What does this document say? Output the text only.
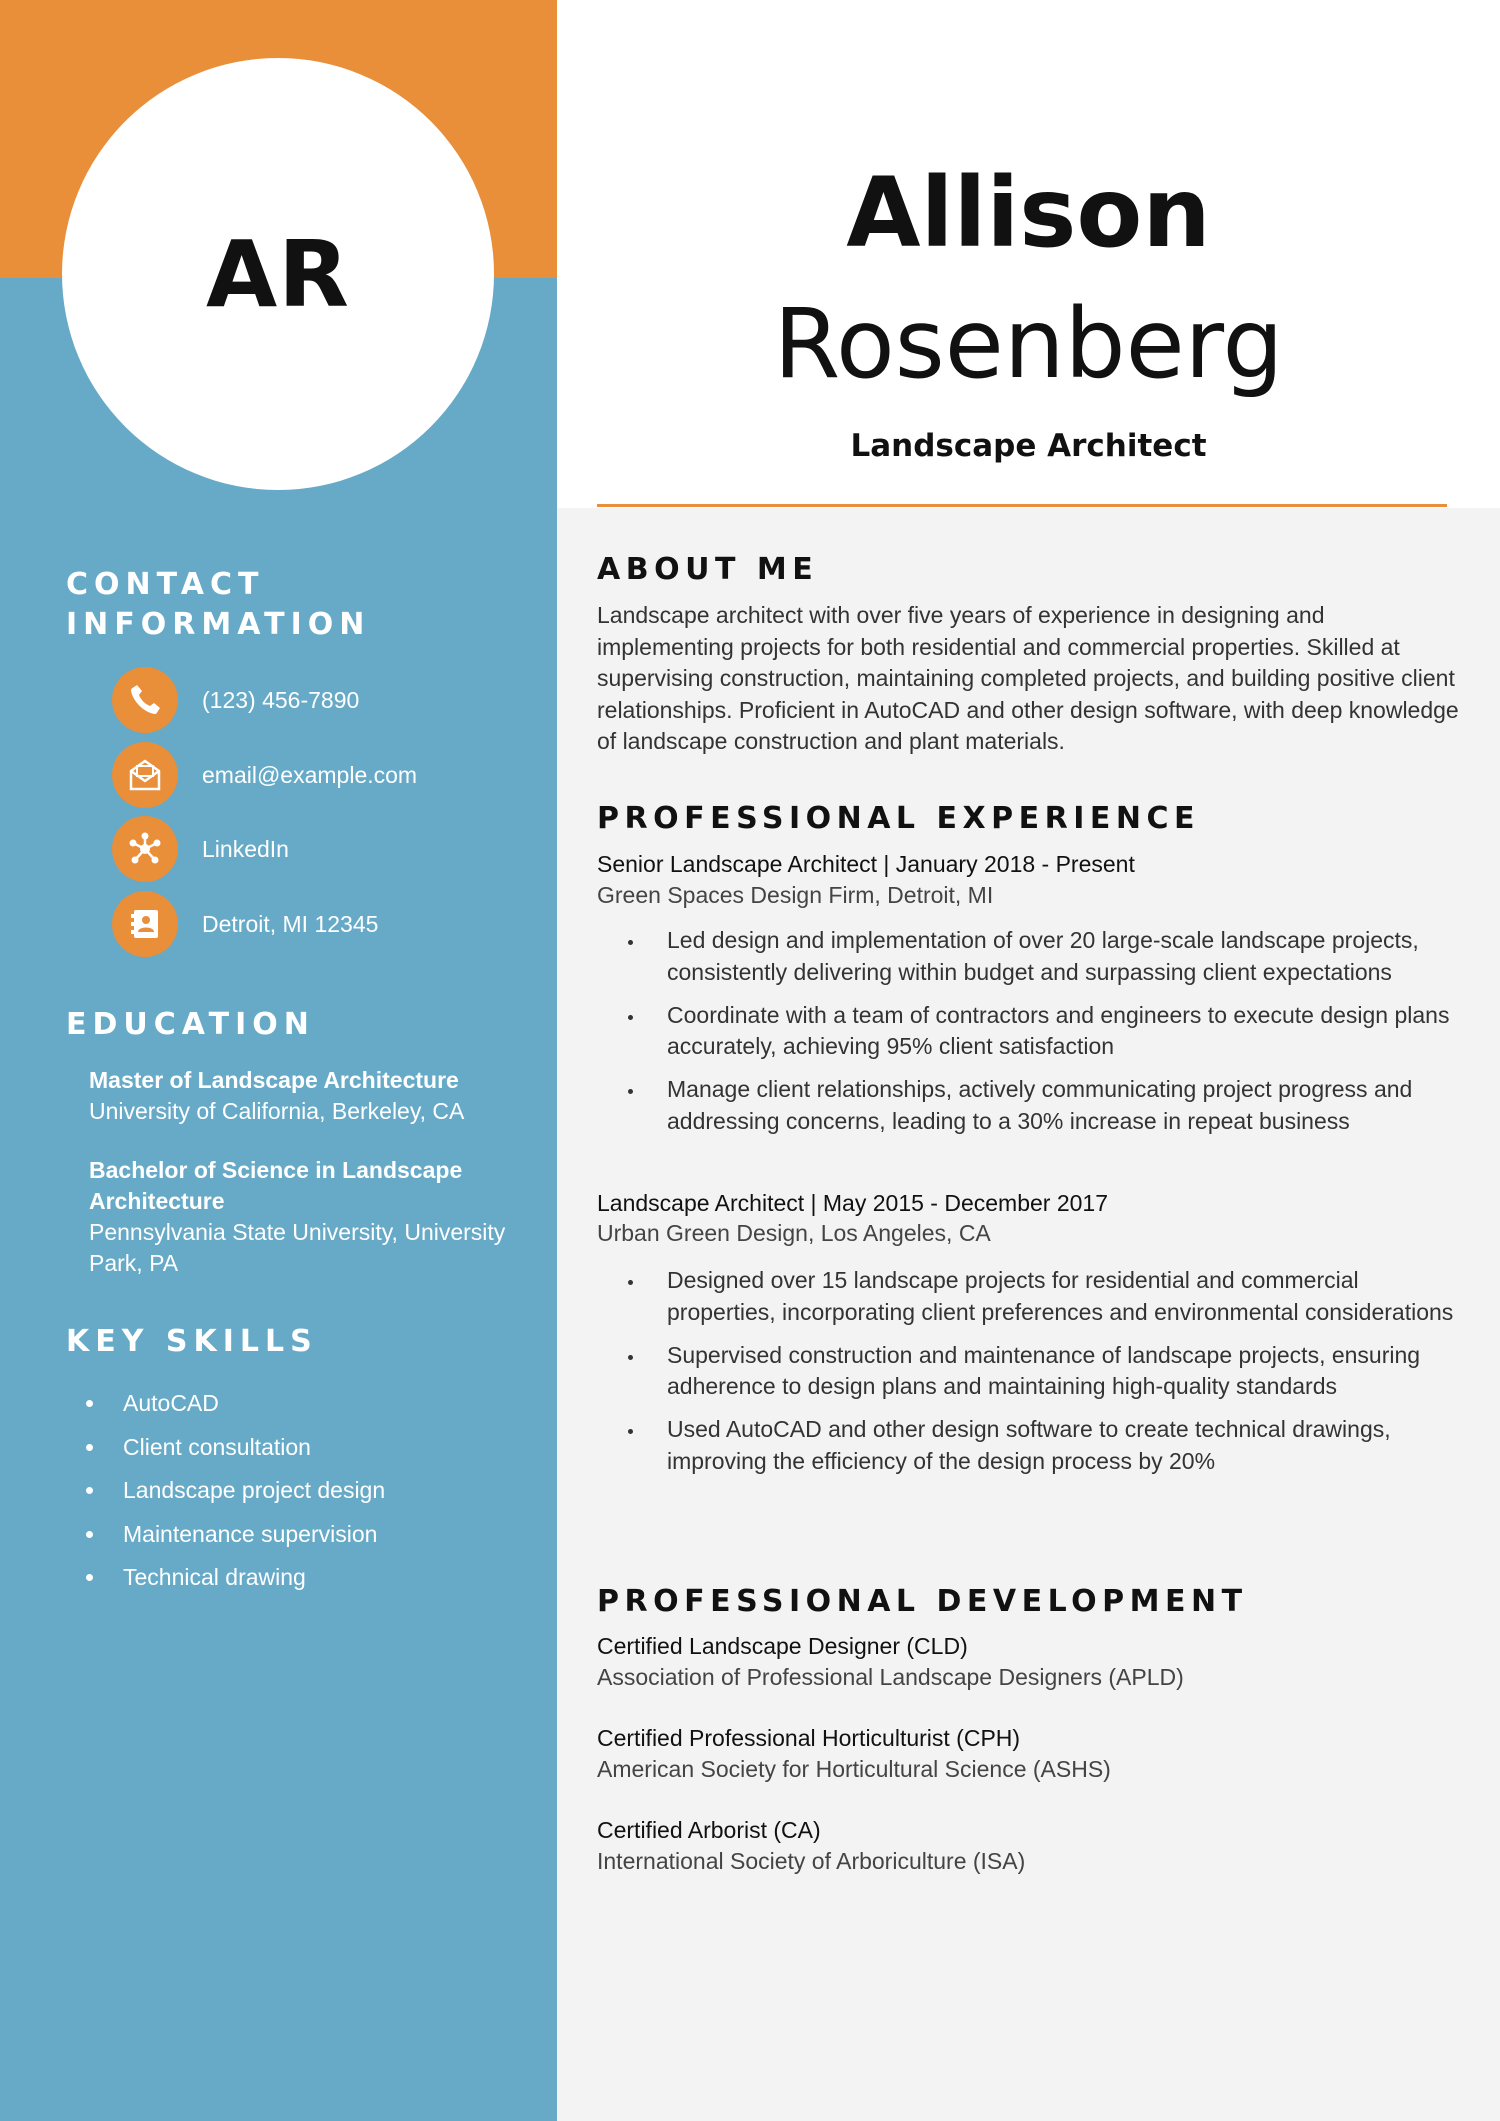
AR
CONTACT
INFORMATION
(123) 456-7890
email@example.com
LinkedIn
Detroit, MI 12345
EDUCATION
Master of Landscape Architecture
University of California, Berkeley, CA
Bachelor of Science in Landscape Architecture
Pennsylvania State University, University Park, PA
KEY SKILLS
AutoCAD
Client consultation
Landscape project design
Maintenance supervision
Technical drawing
Allison
Rosenberg
Landscape Architect
ABOUT ME
Landscape architect with over five years of experience in designing and implementing projects for both residential and commercial properties. Skilled at supervising construction, maintaining completed projects, and building positive client relationships. Proficient in AutoCAD and other design software, with deep knowledge of landscape construction and plant materials.
PROFESSIONAL EXPERIENCE
Senior Landscape Architect | January 2018 - Present
Green Spaces Design Firm, Detroit, MI
Led design and implementation of over 20 large-scale landscape projects, consistently delivering within budget and surpassing client expectations
Coordinate with a team of contractors and engineers to execute design plans accurately, achieving 95% client satisfaction
Manage client relationships, actively communicating project progress and addressing concerns, leading to a 30% increase in repeat business
Landscape Architect | May 2015 - December 2017
Urban Green Design, Los Angeles, CA
Designed over 15 landscape projects for residential and commercial properties, incorporating client preferences and environmental considerations
Supervised construction and maintenance of landscape projects, ensuring adherence to design plans and maintaining high-quality standards
Used AutoCAD and other design software to create technical drawings, improving the efficiency of the design process by 20%
PROFESSIONAL DEVELOPMENT
Certified Landscape Designer (CLD)
Association of Professional Landscape Designers (APLD)
Certified Professional Horticulturist (CPH)
American Society for Horticultural Science (ASHS)
Certified Arborist (CA)
International Society of Arboriculture (ISA)
